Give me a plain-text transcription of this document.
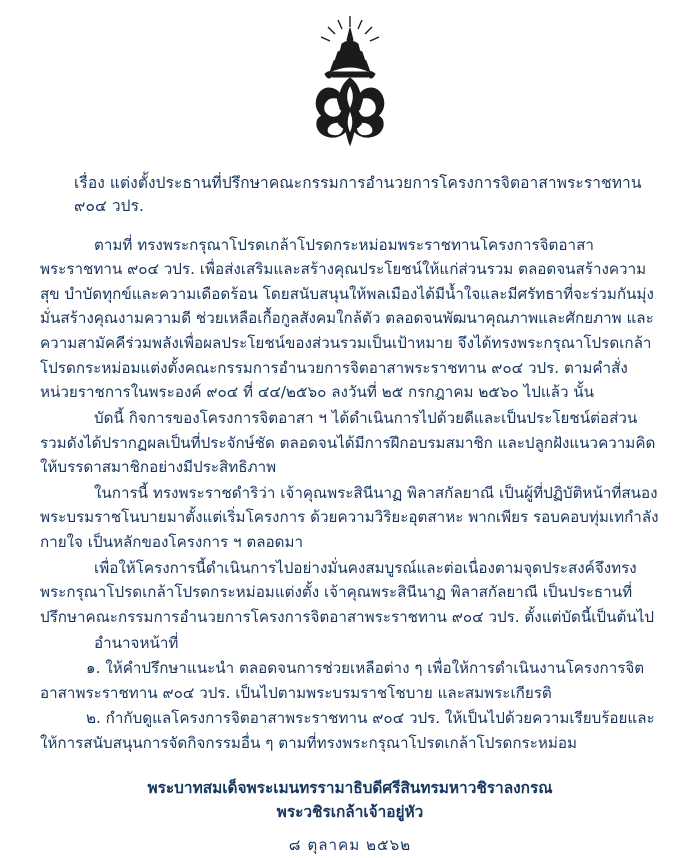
เรื่อง แต่งตั้งประธานที่ปรึกษาคณะกรรมการอำนวยการโครงการจิตอาสาพระราชทาน ๙๐๔ วปร.

ตามที่ ทรงพระกรุณาโปรดเกล้าโปรดกระหม่อมพระราชทานโครงการจิตอาสาพระราชทาน ๙๐๔ วปร. เพื่อส่งเสริมและสร้างคุณประโยชน์ให้แก่ส่วนรวม ตลอดจนสร้างความสุข บำบัดทุกข์และความเดือดร้อน โดยสนับสนุนให้พลเมืองได้มีน้ำใจและมีศรัทธาที่จะร่วมกันมุ่งมั่นสร้างคุณงามความดี ช่วยเหลือเกื้อกูลสังคมใกล้ตัว ตลอดจนพัฒนาคุณภาพและศักยภาพ และความสามัคคีร่วมพลังเพื่อผลประโยชน์ของส่วนรวมเป็นเป้าหมาย จึงได้ทรงพระกรุณาโปรดเกล้าโปรดกระหม่อมแต่งตั้งคณะกรรมการอำนวยการจิตอาสาพระราชทาน ๙๐๔ วปร. ตามคำสั่งหน่วยราชการในพระองค์ ๙๐๔ ที่ ๔๔/๒๕๖๐ ลงวันที่ ๒๕ กรกฎาคม ๒๕๖๐ ไปแล้ว นั้น

บัดนี้ กิจการของโครงการจิตอาสา ฯ ได้ดำเนินการไปด้วยดีและเป็นประโยชน์ต่อส่วนรวมดังได้ปรากฏผลเป็นที่ประจักษ์ชัด ตลอดจนได้มีการฝึกอบรมสมาชิก และปลูกฝังแนวความคิดให้บรรดาสมาชิกอย่างมีประสิทธิภาพ

ในการนี้ ทรงพระราชดำริว่า เจ้าคุณพระสินีนาฏ พิลาสกัลยาณี เป็นผู้ที่ปฏิบัติหน้าที่สนองพระบรมราชโนบายมาตั้งแต่เริ่มโครงการ ด้วยความวิริยะอุตสาหะ พากเพียร รอบคอบทุ่มเทกำลังกายใจ เป็นหลักของโครงการ ฯ ตลอดมา

เพื่อให้โครงการนี้ดำเนินการไปอย่างมั่นคงสมบูรณ์และต่อเนื่องตามจุดประสงค์จึงทรงพระกรุณาโปรดเกล้าโปรดกระหม่อมแต่งตั้ง เจ้าคุณพระสินีนาฏ พิลาสกัลยาณี เป็นประธานที่ปรึกษาคณะกรรมการอำนวยการโครงการจิตอาสาพระราชทาน ๙๐๔ วปร. ตั้งแต่บัดนี้เป็นต้นไป

อำนาจหน้าที่

๑. ให้คำปรึกษาแนะนำ ตลอดจนการช่วยเหลือต่าง ๆ เพื่อให้การดำเนินงานโครงการจิตอาสาพระราชทาน ๙๐๔ วปร. เป็นไปตามพระบรมราชโชบาย และสมพระเกียรติ

๒. กำกับดูแลโครงการจิตอาสาพระราชทาน ๙๐๔ วปร. ให้เป็นไปด้วยความเรียบร้อยและให้การสนับสนุนการจัดกิจกรรมอื่น ๆ ตามที่ทรงพระกรุณาโปรดเกล้าโปรดกระหม่อม

พระบาทสมเด็จพระเมนทรรามาธิบดีศรีสินทรมหาวชิราลงกรณ
พระวชิรเกล้าเจ้าอยู่หัว
๘ ตุลาคม ๒๕๖๒
